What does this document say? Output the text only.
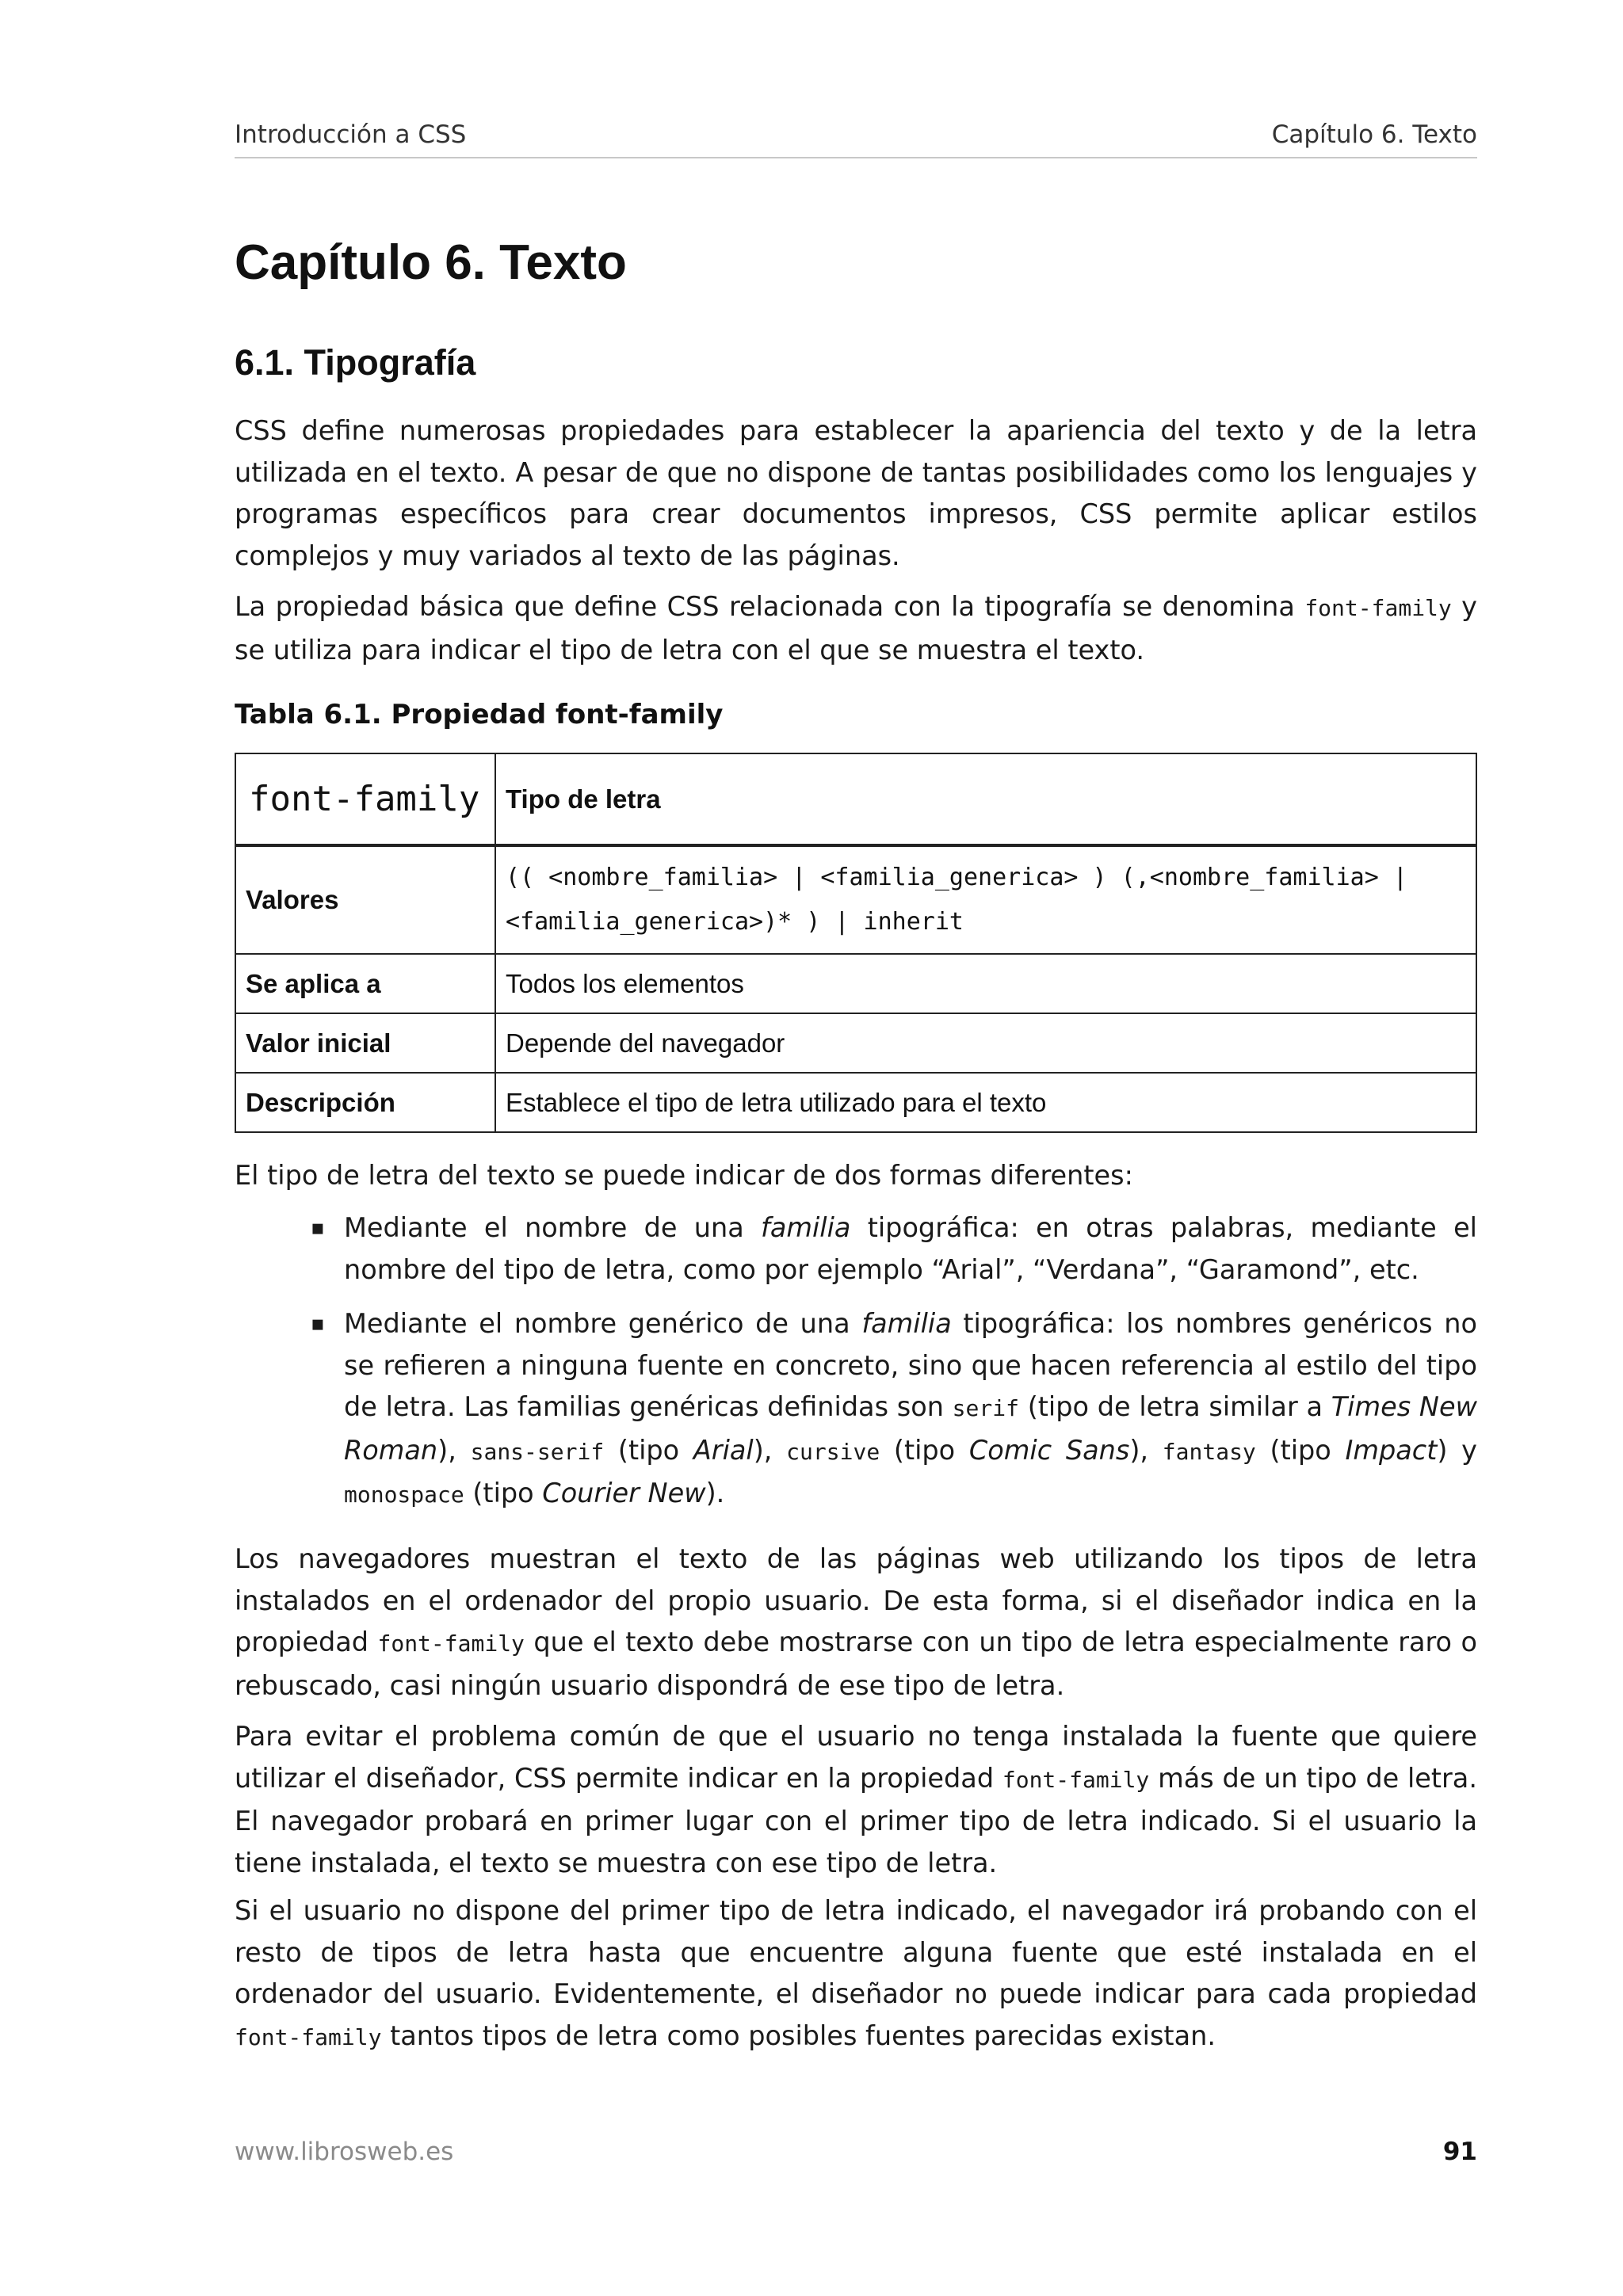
Introducción a CSS	Capítulo 6. Texto
Capítulo 6. Texto
6.1. Tipografía

CSS define numerosas propiedades para establecer la apariencia del texto y de la letra utilizada en el texto. A pesar de que no dispone de tantas posibilidades como los lenguajes y programas específicos para crear documentos impresos, CSS permite aplicar estilos complejos y muy variados al texto de las páginas.

La propiedad básica que define CSS relacionada con la tipografía se denomina font-family y se utiliza para indicar el tipo de letra con el que se muestra el texto.

Tabla 6.1. Propiedad font-family
font-family	Tipo de letra
Valores	(( <nombre_familia> | <familia_generica> ) (,<nombre_familia> |
<familia_generica>)* ) | inherit

Se aplica a	Todos los elementos
Valor inicial	Depende del navegador
Descripción	Establece el tipo de letra utilizado para el texto

El tipo de letra del texto se puede indicar de dos formas diferentes:

▪ Mediante el nombre de una familia tipográfica: en otras palabras, mediante el nombre del tipo de letra, como por ejemplo “Arial”, “Verdana”, “Garamond”, etc.
▪ Mediante el nombre genérico de una familia tipográfica: los nombres genéricos no se refieren a ninguna fuente en concreto, sino que hacen referencia al estilo del tipo de letra. Las familias genéricas definidas son serif (tipo de letra similar a Times New Roman), sans-serif (tipo Arial), cursive (tipo Comic Sans), fantasy (tipo Impact) y monospace (tipo Courier New).

Los navegadores muestran el texto de las páginas web utilizando los tipos de letra instalados en el ordenador del propio usuario. De esta forma, si el diseñador indica en la propiedad font-family que el texto debe mostrarse con un tipo de letra especialmente raro o rebuscado, casi ningún usuario dispondrá de ese tipo de letra.

Para evitar el problema común de que el usuario no tenga instalada la fuente que quiere utilizar el diseñador, CSS permite indicar en la propiedad font-family más de un tipo de letra. El navegador probará en primer lugar con el primer tipo de letra indicado. Si el usuario la tiene instalada, el texto se muestra con ese tipo de letra.

Si el usuario no dispone del primer tipo de letra indicado, el navegador irá probando con el resto de tipos de letra hasta que encuentre alguna fuente que esté instalada en el ordenador del usuario. Evidentemente, el diseñador no puede indicar para cada propiedad font-family tantos tipos de letra como posibles fuentes parecidas existan.

www.librosweb.es	91
